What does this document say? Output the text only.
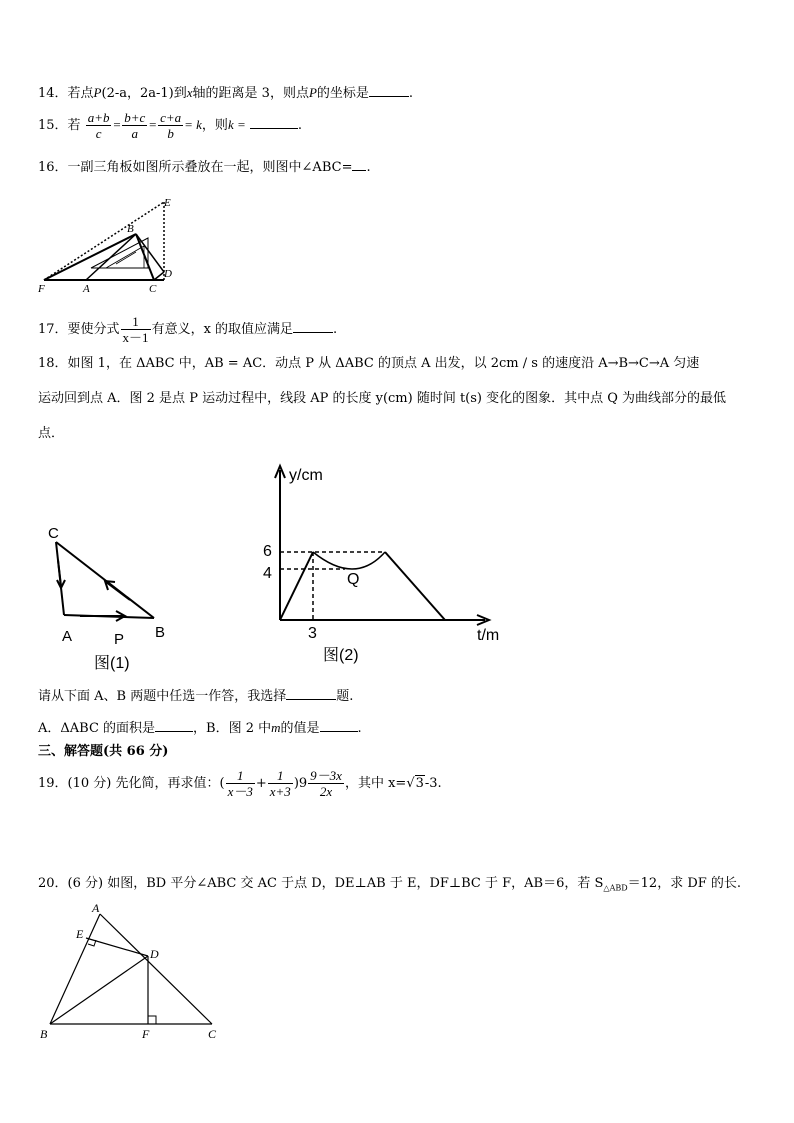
14．若点P(2-a，2a-1)到x轴的距离是 3，则点P的坐标是	.
15．若 $\frac{a+b}{c} = \frac{b+c}{a} = \frac{c+a}{b} = k$，则k =	.
16．一副三角板如图所示叠放在一起，则图中∠ABC= .
E
B
D
F	A	C
17．要使分式 $\frac{1}{x-1}$ 有意义，x 的取值应满足	.
18．如图 1，在 ΔABC 中，AB = AC．动点 P 从 ΔABC 的顶点 A 出发，以 2cm / s 的速度沿 A→B→C→A 匀速
运动回到点 A．图 2 是点 P 运动过程中，线段 AP 的长度 y(cm) 随时间 t(s) 变化的图象．其中点 Q 为曲线部分的最低
点．
C
A	P B
图(1)
y/cm
t/m
6
4
3
Q
图(2)
请从下面 A、B 两题中任选一作答，我选择	题.
A．ΔABC 的面积是	，B．图 2 中m的值是	.
三、解答题(共 66 分)
19．(10 分) 先化简，再求值：( $\frac{1}{x-3} + \frac{1}{x+3} )9 \frac{9-3x}{2x}$ ，其中 x=√3-3.
20．(6 分) 如图，BD 平分∠ABC 交 AC 于点 D，DE⊥AB 于 E，DF⊥BC 于 F，AB＝6，若 $S_{\triangle ABD}=12$，求 DF 的长.
A
E
D
B	F	C
